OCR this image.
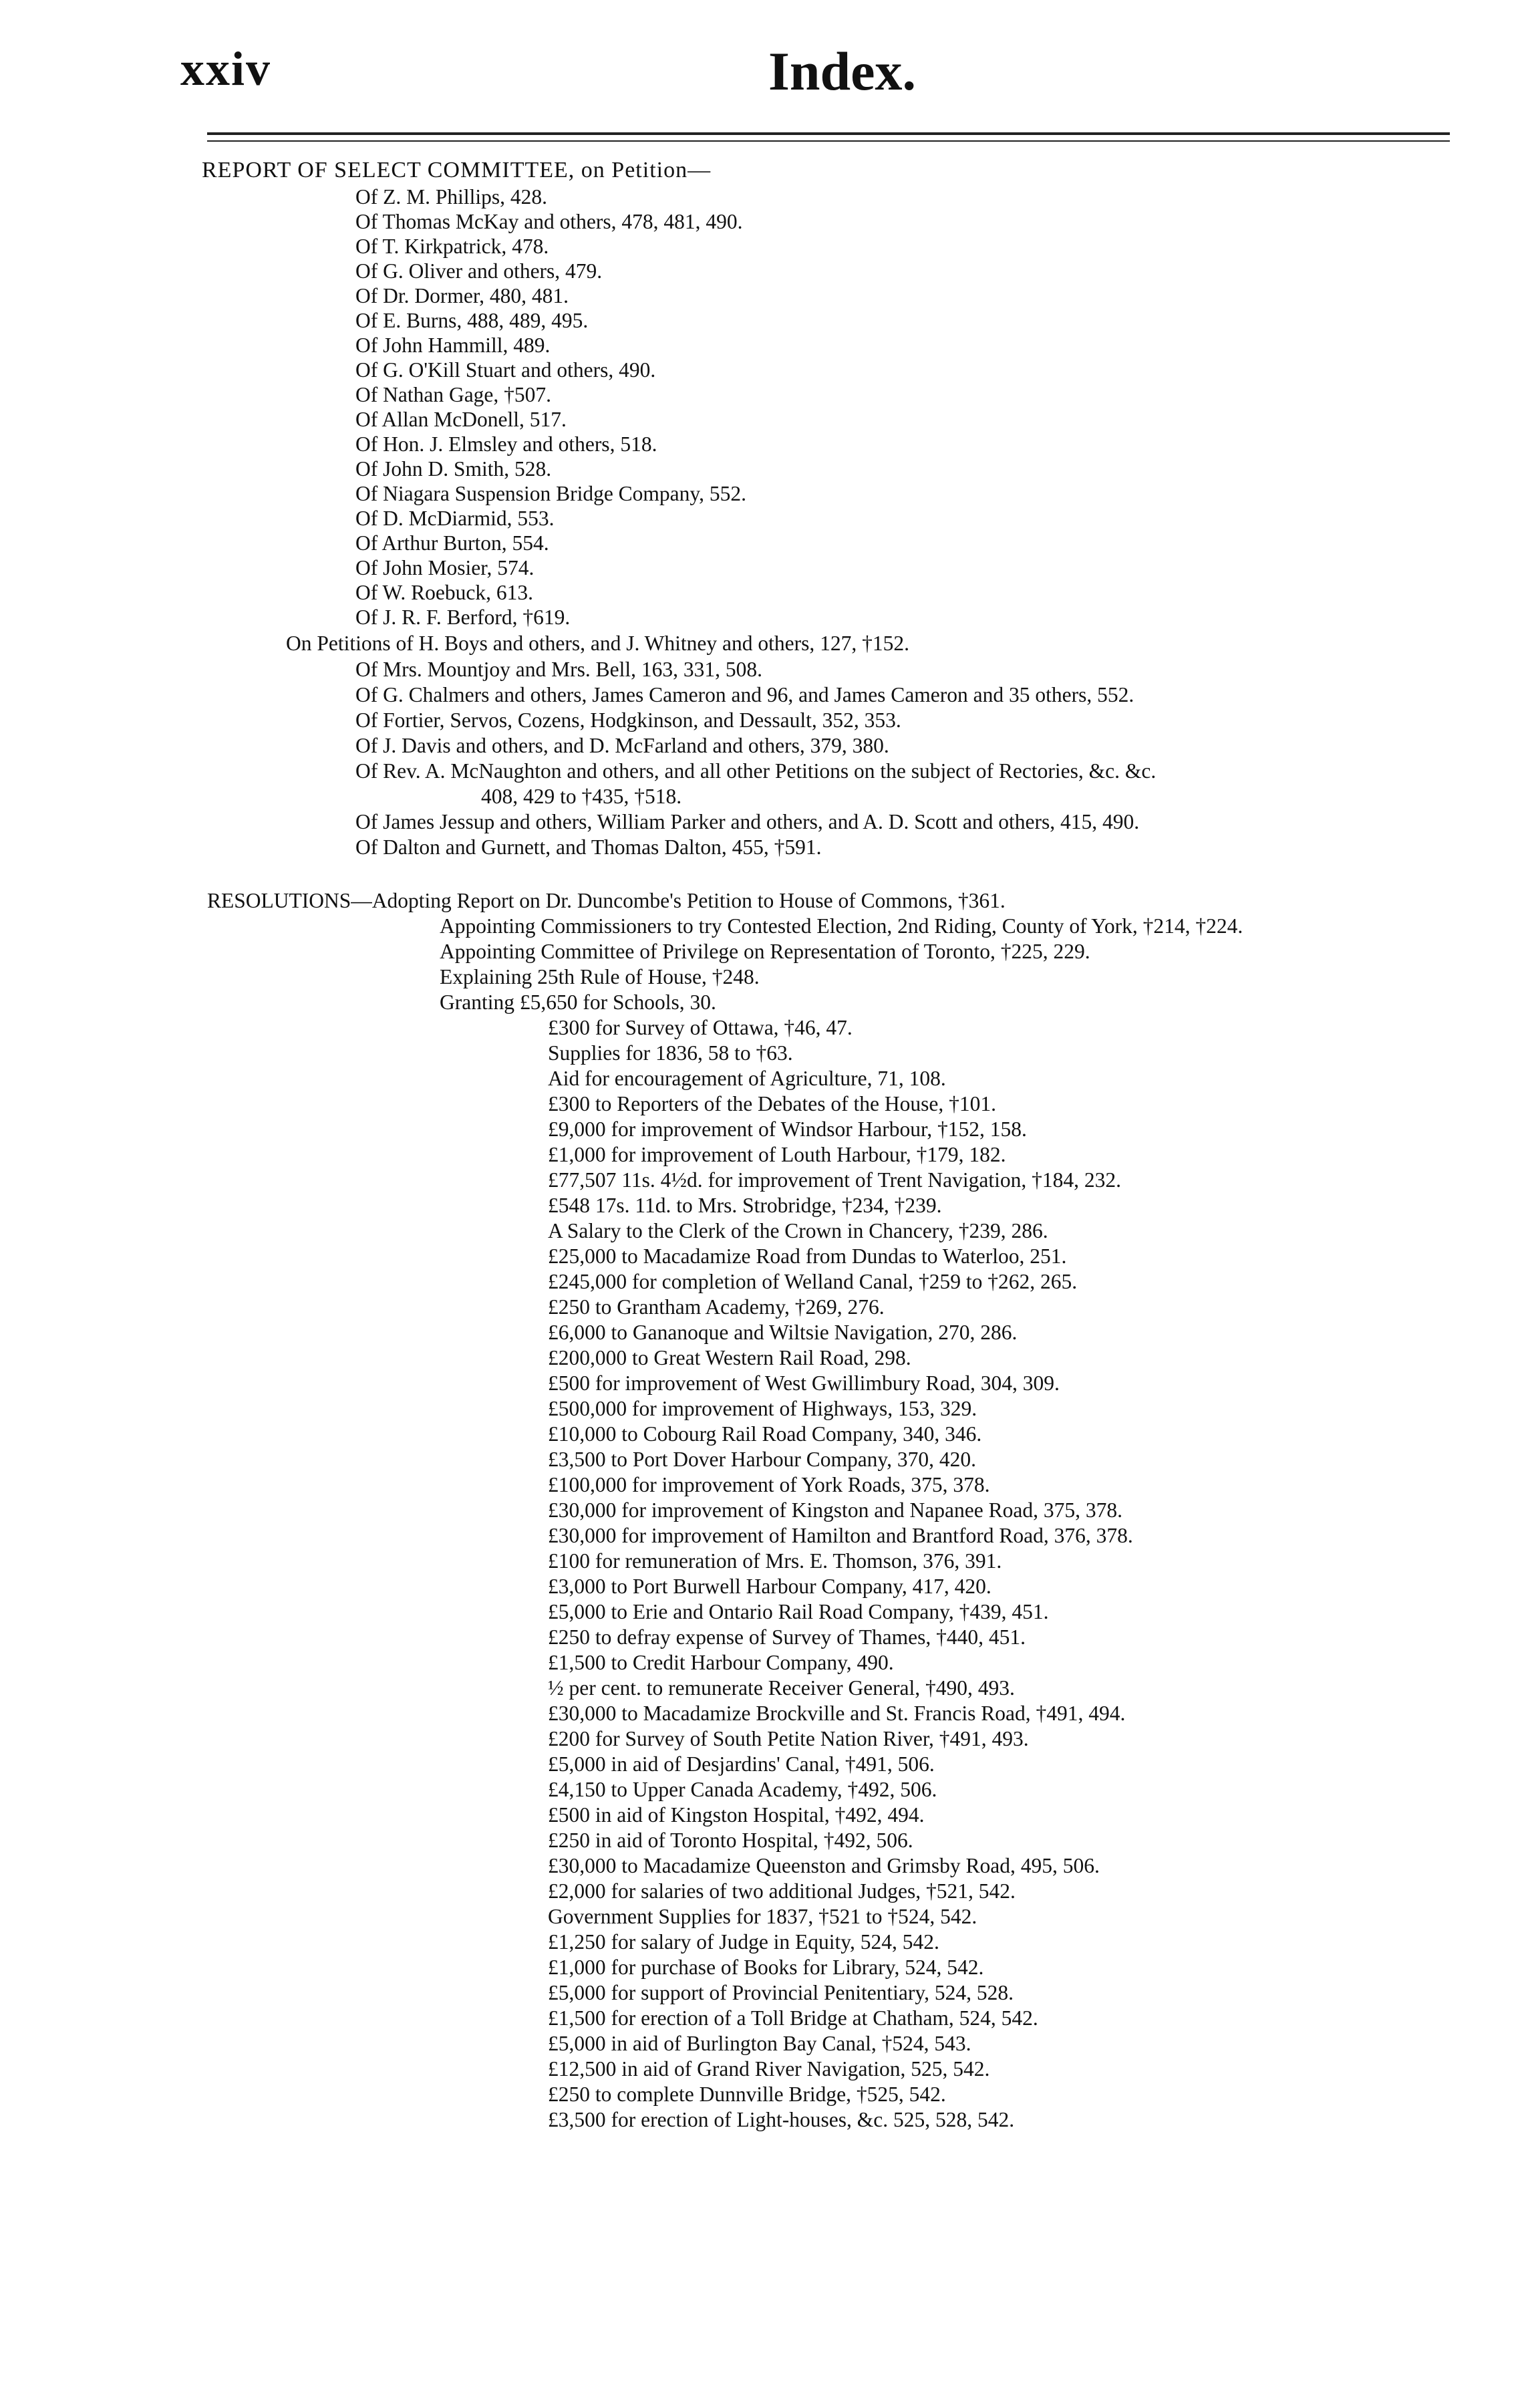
xxiv	Index.
REPORT OF SELECT COMMITTEE, on Petition—
Of Z. M. Phillips, 428.
Of Thomas McKay and others, 478, 481, 490.
Of T. Kirkpatrick, 478.
Of G. Oliver and others, 479.
Of Dr. Dormer, 480, 481.
Of E. Burns, 488, 489, 495.
Of John Hammill, 489.
Of G. O'Kill Stuart and others, 490.
Of Nathan Gage, †507.
Of Allan McDonell, 517.
Of Hon. J. Elmsley and others, 518.
Of John D. Smith, 528.
Of Niagara Suspension Bridge Company, 552.
Of D. McDiarmid, 553.
Of Arthur Burton, 554.
Of John Mosier, 574.
Of W. Roebuck, 613.
Of J. R. F. Berford, †619.
On Petitions of H. Boys and others, and J. Whitney and others, 127, †152.
Of Mrs. Mountjoy and Mrs. Bell, 163, 331, 508.
Of G. Chalmers and others, James Cameron and 96, and James Cameron and 35 others, 552.
Of Fortier, Servos, Cozens, Hodgkinson, and Dessault, 352, 353.
Of J. Davis and others, and D. McFarland and others, 379, 380.
Of Rev. A. McNaughton and others, and all other Petitions on the subject of Rectories, &c. &c.
408, 429 to †435, †518.
Of James Jessup and others, William Parker and others, and A. D. Scott and others, 415, 490.
Of Dalton and Gurnett, and Thomas Dalton, 455, †591.
RESOLUTIONS—Adopting Report on Dr. Duncombe's Petition to House of Commons, †361.
Appointing Commissioners to try Contested Election, 2nd Riding, County of York, †214, †224.
Appointing Committee of Privilege on Representation of Toronto, †225, 229.
Explaining 25th Rule of House, †248.
Granting £5,650 for Schools, 30.
£300 for Survey of Ottawa, †46, 47.
Supplies for 1836, 58 to †63.
Aid for encouragement of Agriculture, 71, 108.
£300 to Reporters of the Debates of the House, †101.
£9,000 for improvement of Windsor Harbour, †152, 158.
£1,000 for improvement of Louth Harbour, †179, 182.
£77,507 11s. 4½d. for improvement of Trent Navigation, †184, 232.
£548 17s. 11d. to Mrs. Strobridge, †234, †239.
A Salary to the Clerk of the Crown in Chancery, †239, 286.
£25,000 to Macadamize Road from Dundas to Waterloo, 251.
£245,000 for completion of Welland Canal, †259 to †262, 265.
£250 to Grantham Academy, †269, 276.
£6,000 to Gananoque and Wiltsie Navigation, 270, 286.
£200,000 to Great Western Rail Road, 298.
£500 for improvement of West Gwillimbury Road, 304, 309.
£500,000 for improvement of Highways, 153, 329.
£10,000 to Cobourg Rail Road Company, 340, 346.
£3,500 to Port Dover Harbour Company, 370, 420.
£100,000 for improvement of York Roads, 375, 378.
£30,000 for improvement of Kingston and Napanee Road, 375, 378.
£30,000 for improvement of Hamilton and Brantford Road, 376, 378.
£100 for remuneration of Mrs. E. Thomson, 376, 391.
£3,000 to Port Burwell Harbour Company, 417, 420.
£5,000 to Erie and Ontario Rail Road Company, †439, 451.
£250 to defray expense of Survey of Thames, †440, 451.
£1,500 to Credit Harbour Company, 490.
½ per cent. to remunerate Receiver General, †490, 493.
£30,000 to Macadamize Brockville and St. Francis Road, †491, 494.
£200 for Survey of South Petite Nation River, †491, 493.
£5,000 in aid of Desjardins' Canal, †491, 506.
£4,150 to Upper Canada Academy, †492, 506.
£500 in aid of Kingston Hospital, †492, 494.
£250 in aid of Toronto Hospital, †492, 506.
£30,000 to Macadamize Queenston and Grimsby Road, 495, 506.
£2,000 for salaries of two additional Judges, †521, 542.
Government Supplies for 1837, †521 to †524, 542.
£1,250 for salary of Judge in Equity, 524, 542.
£1,000 for purchase of Books for Library, 524, 542.
£5,000 for support of Provincial Penitentiary, 524, 528.
£1,500 for erection of a Toll Bridge at Chatham, 524, 542.
£5,000 in aid of Burlington Bay Canal, †524, 543.
£12,500 in aid of Grand River Navigation, 525, 542.
£250 to complete Dunnville Bridge, †525, 542.
£3,500 for erection of Light-houses, &c. 525, 528, 542.
